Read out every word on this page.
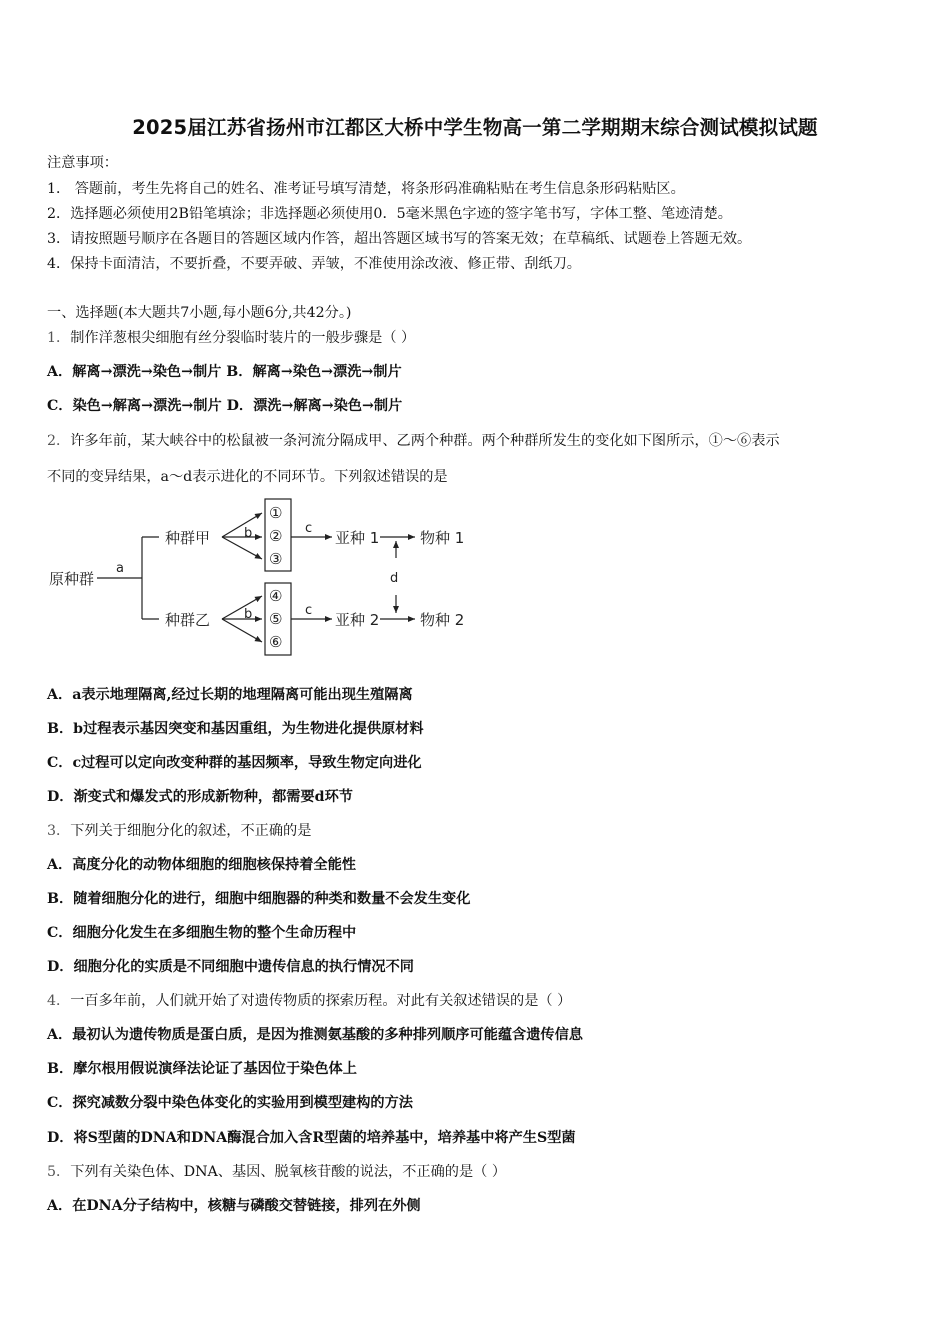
2025届江苏省扬州市江都区大桥中学生物高一第二学期期末综合测试模拟试题
注意事项：
1． 答题前，考生先将自己的姓名、准考证号填写清楚，将条形码准确粘贴在考生信息条形码粘贴区。
2．选择题必须使用2B铅笔填涂；非选择题必须使用0．5毫米黑色字迹的签字笔书写，字体工整、笔迹清楚。
3．请按照题号顺序在各题目的答题区域内作答，超出答题区域书写的答案无效；在草稿纸、试题卷上答题无效。
4．保持卡面清洁，不要折叠，不要弄破、弄皱，不准使用涂改液、修正带、刮纸刀。
一、选择题(本大题共7小题,每小题6分,共42分。)
1．制作洋葱根尖细胞有丝分裂临时装片的一般步骤是（ ）
A．解离→漂洗→染色→制片 B．解离→染色→漂洗→制片
C．染色→解离→漂洗→制片 D．漂洗→解离→染色→制片
2．许多年前，某大峡谷中的松鼠被一条河流分隔成甲、乙两个种群。两个种群所发生的变化如下图所示，①～⑥表示
不同的变异结果，a～d表示进化的不同环节。下列叙述错误的是
原种群
种群甲
种群乙
a
b
b
c
c
d
①
②
③
④
⑤
⑥
亚种 1
亚种 2
物种 1
物种 2
A．a表示地理隔离,经过长期的地理隔离可能出现生殖隔离
B．b过程表示基因突变和基因重组，为生物进化提供原材料
C．c过程可以定向改变种群的基因频率，导致生物定向进化
D．渐变式和爆发式的形成新物种，都需要d环节
3．下列关于细胞分化的叙述，不正确的是
A．高度分化的动物体细胞的细胞核保持着全能性
B．随着细胞分化的进行，细胞中细胞器的种类和数量不会发生变化
C．细胞分化发生在多细胞生物的整个生命历程中
D．细胞分化的实质是不同细胞中遗传信息的执行情况不同
4．一百多年前，人们就开始了对遗传物质的探索历程。对此有关叙述错误的是（ ）
A．最初认为遗传物质是蛋白质，是因为推测氨基酸的多种排列顺序可能蕴含遗传信息
B．摩尔根用假说演绎法论证了基因位于染色体上
C．探究减数分裂中染色体变化的实验用到模型建构的方法
D．将S型菌的DNA和DNA酶混合加入含R型菌的培养基中，培养基中将产生S型菌
5．下列有关染色体、DNA、基因、脱氧核苷酸的说法，不正确的是（ ）
A．在DNA分子结构中，核糖与磷酸交替链接，排列在外侧
